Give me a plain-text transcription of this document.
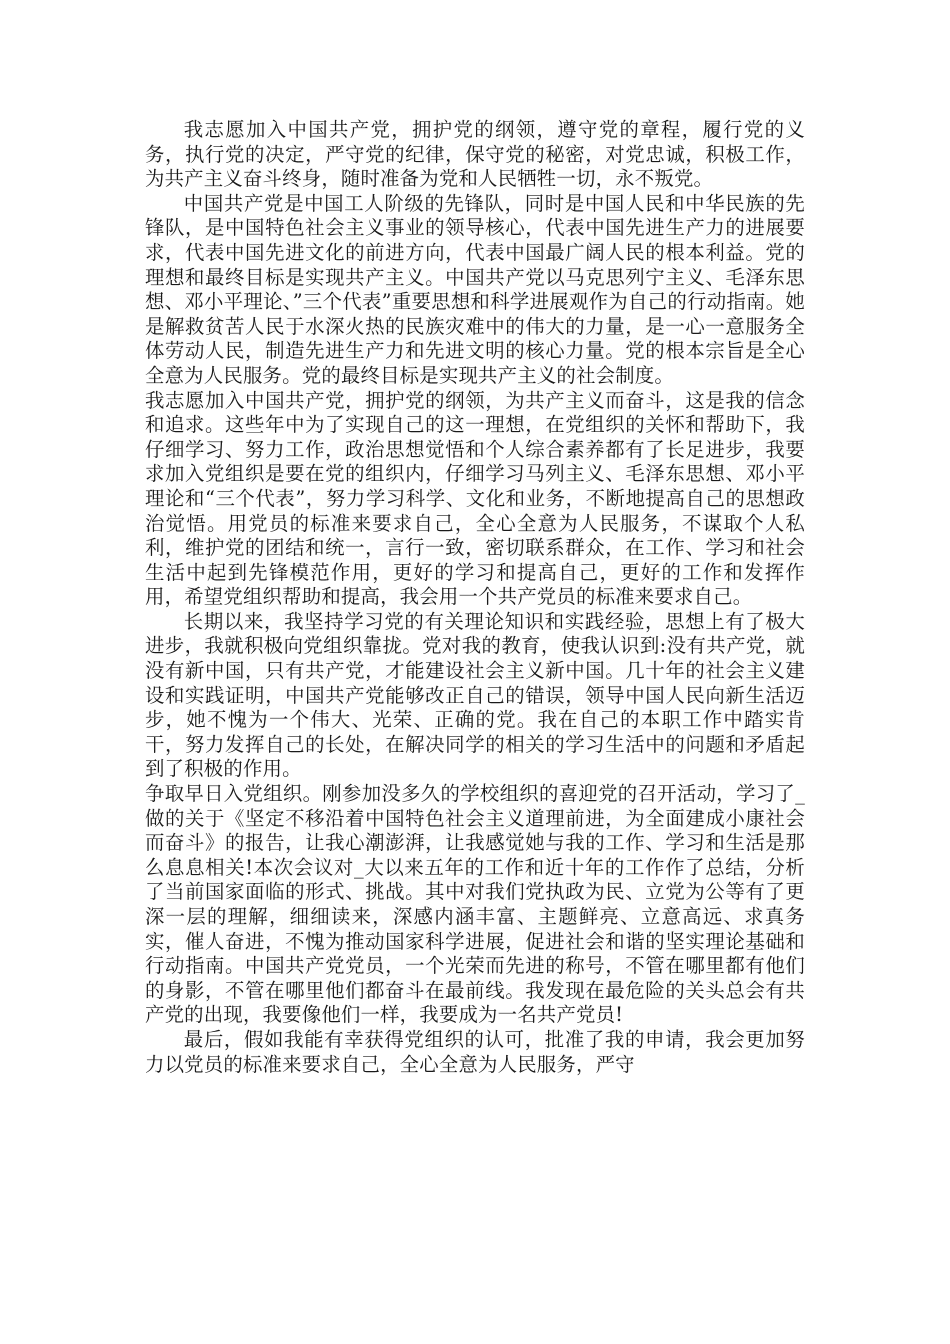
我志愿加入中国共产党，拥护党的纲领，遵守党的章程，履行党的义务，执行党的决定，严守党的纪律，保守党的秘密，对党忠诚，积极工作，为共产主义奋斗终身，随时准备为党和人民牺牲一切，永不叛党。

中国共产党是中国工人阶级的先锋队，同时是中国人民和中华民族的先锋队，是中国特色社会主义事业的领导核心，代表中国先进生产力的进展要求，代表中国先进文化的前进方向，代表中国最广阔人民的根本利益。党的理想和最终目标是实现共产主义。中国共产党以马克思列宁主义、毛泽东思想、邓小平理论、”三个代表”重要思想和科学进展观作为自己的行动指南。她是解救贫苦人民于水深火热的民族灾难中的伟大的力量，是一心一意服务全体劳动人民，制造先进生产力和先进文明的核心力量。党的根本宗旨是全心全意为人民服务。党的最终目标是实现共产主义的社会制度。

我志愿加入中国共产党，拥护党的纲领，为共产主义而奋斗，这是我的信念和追求。这些年中为了实现自己的这一理想，在党组织的关怀和帮助下，我仔细学习、努力工作，政治思想觉悟和个人综合素养都有了长足进步，我要求加入党组织是要在党的组织内，仔细学习马列主义、毛泽东思想、邓小平理论和“三个代表”，努力学习科学、文化和业务，不断地提高自己的思想政治觉悟。用党员的标准来要求自己，全心全意为人民服务，不谋取个人私利，维护党的团结和统一，言行一致，密切联系群众，在工作、学习和社会生活中起到先锋模范作用，更好的学习和提高自己，更好的工作和发挥作用，希望党组织帮助和提高，我会用一个共产党员的标准来要求自己。

长期以来，我坚持学习党的有关理论知识和实践经验，思想上有了极大进步，我就积极向党组织靠拢。党对我的教育，使我认识到:没有共产党，就没有新中国，只有共产党，才能建设社会主义新中国。几十年的社会主义建设和实践证明，中国共产党能够改正自己的错误，领导中国人民向新生活迈步，她不愧为一个伟大、光荣、正确的党。我在自己的本职工作中踏实肯干，努力发挥自己的长处，在解决同学的相关的学习生活中的问题和矛盾起到了积极的作用。

争取早日入党组织。刚参加没多久的学校组织的喜迎党的召开活动，学习了_做的关于《坚定不移沿着中国特色社会主义道理前进，为全面建成小康社会而奋斗》的报告，让我心潮澎湃，让我感觉她与我的工作、学习和生活是那么息息相关!本次会议对_大以来五年的工作和近十年的工作作了总结，分析了当前国家面临的形式、挑战。其中对我们党执政为民、立党为公等有了更深一层的理解，细细读来，深感内涵丰富、主题鲜亮、立意高远、求真务实，催人奋进，不愧为推动国家科学进展，促进社会和谐的坚实理论基础和行动指南。中国共产党党员，一个光荣而先进的称号，不管在哪里都有他们的身影，不管在哪里他们都奋斗在最前线。我发现在最危险的关头总会有共产党的出现，我要像他们一样，我要成为一名共产党员!

最后，假如我能有幸获得党组织的认可，批准了我的申请，我会更加努力以党员的标准来要求自己，全心全意为人民服务，严守
